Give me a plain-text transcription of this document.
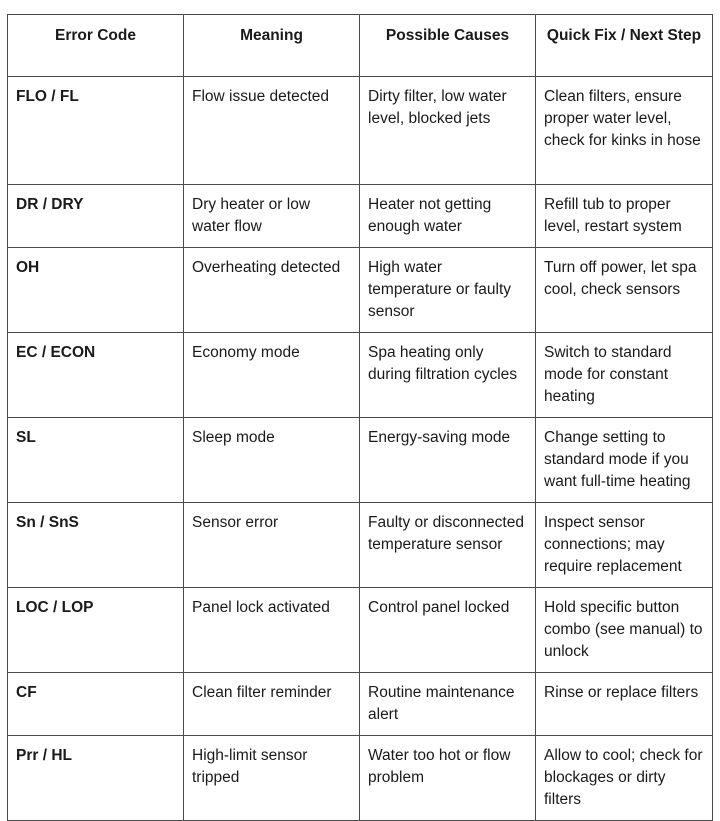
Error Code	Meaning	Possible Causes	Quick Fix / Next Step
FLO / FL	Flow issue detected	Dirty filter, low water level, blocked jets	Clean filters, ensure proper water level, check for kinks in hose
DR / DRY	Dry heater or low water flow	Heater not getting enough water	Refill tub to proper level, restart system
OH	Overheating detected	High water temperature or faulty sensor	Turn off power, let spa cool, check sensors
EC / ECON	Economy mode	Spa heating only during filtration cycles	Switch to standard mode for constant heating
SL	Sleep mode	Energy-saving mode	Change setting to standard mode if you want full-time heating
Sn / SnS	Sensor error	Faulty or disconnected temperature sensor	Inspect sensor connections; may require replacement
LOC / LOP	Panel lock activated	Control panel locked	Hold specific button combo (see manual) to unlock
CF	Clean filter reminder	Routine maintenance alert	Rinse or replace filters
Prr / HL	High-limit sensor tripped	Water too hot or flow problem	Allow to cool; check for blockages or dirty filters
